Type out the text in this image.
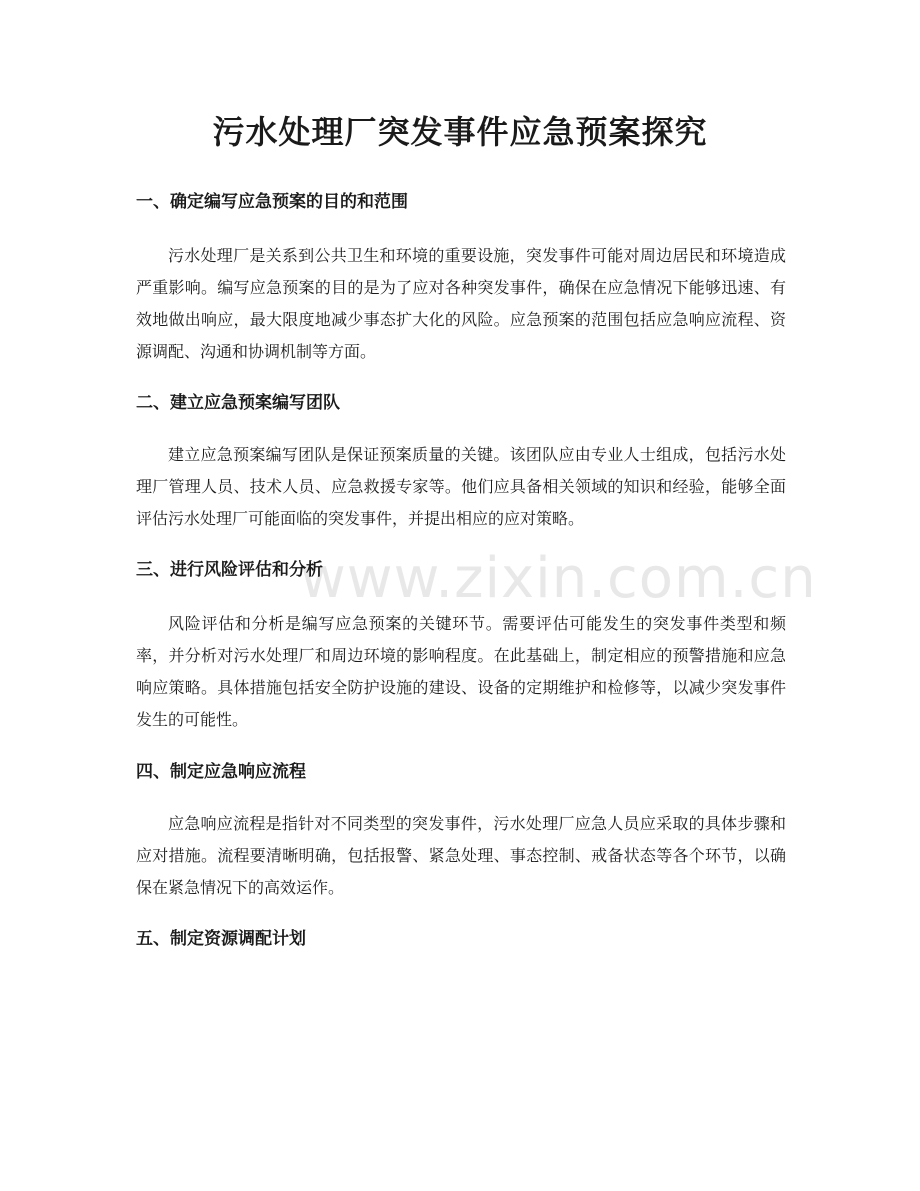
污水处理厂突发事件应急预案探究
www.zixin.com.cn
一、确定编写应急预案的目的和范围

污水处理厂是关系到公共卫生和环境的重要设施，突发事件可能对周边居民和环境造成严重影响。编写应急预案的目的是为了应对各种突发事件，确保在应急情况下能够迅速、有效地做出响应，最大限度地减少事态扩大化的风险。应急预案的范围包括应急响应流程、资源调配、沟通和协调机制等方面。

二、建立应急预案编写团队

建立应急预案编写团队是保证预案质量的关键。该团队应由专业人士组成，包括污水处理厂管理人员、技术人员、应急救援专家等。他们应具备相关领域的知识和经验，能够全面评估污水处理厂可能面临的突发事件，并提出相应的应对策略。

三、进行风险评估和分析

风险评估和分析是编写应急预案的关键环节。需要评估可能发生的突发事件类型和频率，并分析对污水处理厂和周边环境的影响程度。在此基础上，制定相应的预警措施和应急响应策略。具体措施包括安全防护设施的建设、设备的定期维护和检修等，以减少突发事件发生的可能性。

四、制定应急响应流程

应急响应流程是指针对不同类型的突发事件，污水处理厂应急人员应采取的具体步骤和应对措施。流程要清晰明确，包括报警、紧急处理、事态控制、戒备状态等各个环节，以确保在紧急情况下的高效运作。

五、制定资源调配计划
